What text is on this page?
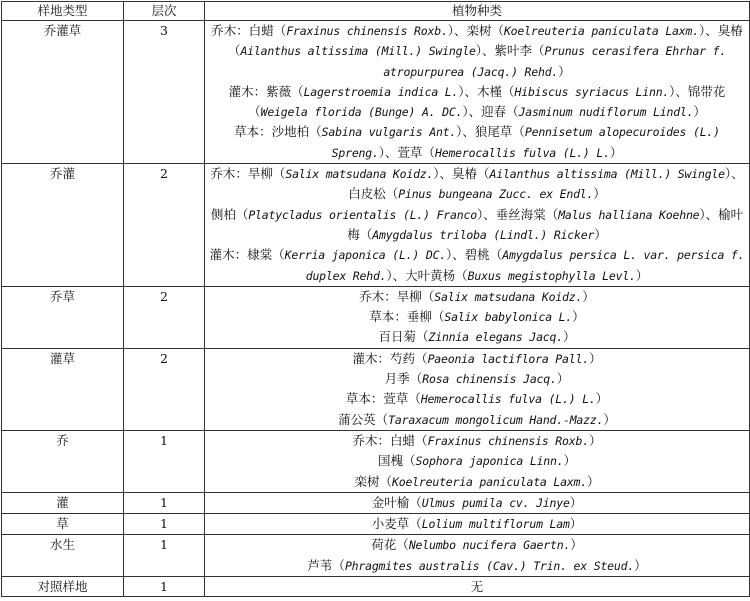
样地类型	层次	植物种类
乔灌草	3	乔木：白蜡（Fraxinus chinensis Roxb.）、栾树（Koelreuteria paniculata Laxm.）、臭椿（Ailanthus altissima (Mill.) Swingle）、紫叶李（Prunus cerasifera Ehrhar f. atropurpurea (Jacq.) Rehd.）
灌木：紫薇（Lagerstroemia indica L.）、木槿（Hibiscus syriacus Linn.）、锦带花（Weigela florida (Bunge) A. DC.）、迎春（Jasminum nudiflorum Lindl.）
草本：沙地柏（Sabina vulgaris Ant.）、狼尾草（Pennisetum alopecuroides (L.) Spreng.）、萱草（Hemerocallis fulva (L.) L.）

乔灌	2	乔木：旱柳（Salix matsudana Koidz.）、臭椿（Ailanthus altissima (Mill.) Swingle）、白皮松（Pinus bungeana Zucc. ex Endl.）
侧柏（Platycladus orientalis (L.) Franco）、垂丝海棠（Malus halliana Koehne）、榆叶梅（Amygdalus triloba (Lindl.) Ricker）
灌木：棣棠（Kerria japonica (L.) DC.）、碧桃（Amygdalus persica L. var. persica f. duplex Rehd.）、大叶黄杨（Buxus megistophylla Levl.）

乔草	2	乔木：旱柳（Salix matsudana Koidz.）
草本：垂柳（Salix babylonica L.）
百日菊（Zinnia elegans Jacq.）

灌草	2	灌木：芍药（Paeonia lactiflora Pall.）
月季（Rosa chinensis Jacq.）
草本：萱草（Hemerocallis fulva (L.) L.）
蒲公英（Taraxacum mongolicum Hand.-Mazz.）

乔	1	乔木：白蜡（Fraxinus chinensis Roxb.）
国槐（Sophora japonica Linn.）
栾树（Koelreuteria paniculata Laxm.）

灌	1	金叶榆（Ulmus pumila cv. Jinye）

草	1	小麦草（Lolium multiflorum Lam）

水生	1	荷花（Nelumbo nucifera Gaertn.）
芦苇（Phragmites australis (Cav.) Trin. ex Steud.）

对照样地	1	无
